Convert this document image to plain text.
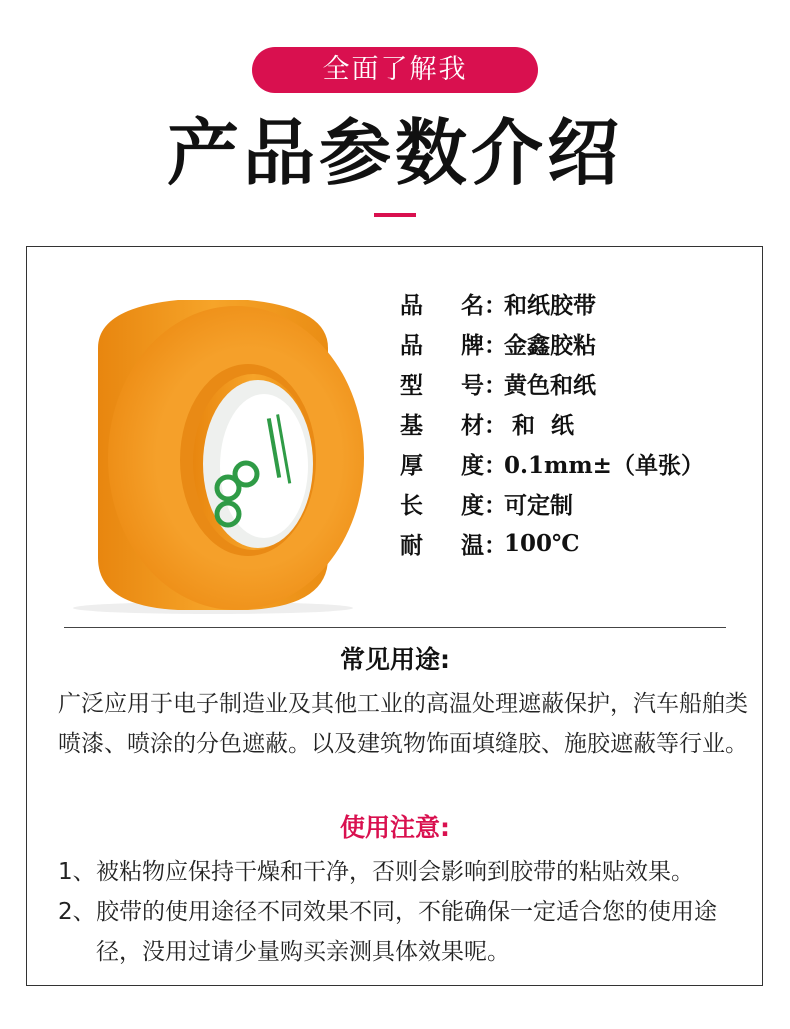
全面了解我
产品参数介绍
品 名 ：
和纸胶带
品 牌 ：
金鑫胶粘
型 号 ：
黄色和纸
基 材 ：
和  纸
厚 度 ：
0.1mm±（单张）
长 度 ：
可定制
耐 温 ：
100℃
常见用途:
广泛应用于电子制造业及其他工业的高温处理遮蔽保护，汽车船舶类喷漆、喷涂的分色遮蔽。以及建筑物饰面填缝胶、施胶遮蔽等行业。
使用注意:
1、 被粘物应保持干燥和干净，否则会影响到胶带的粘贴效果。
2、 胶带的使用途径不同效果不同，不能确保一定适合您的使用途径，没用过请少量购买亲测具体效果呢。
